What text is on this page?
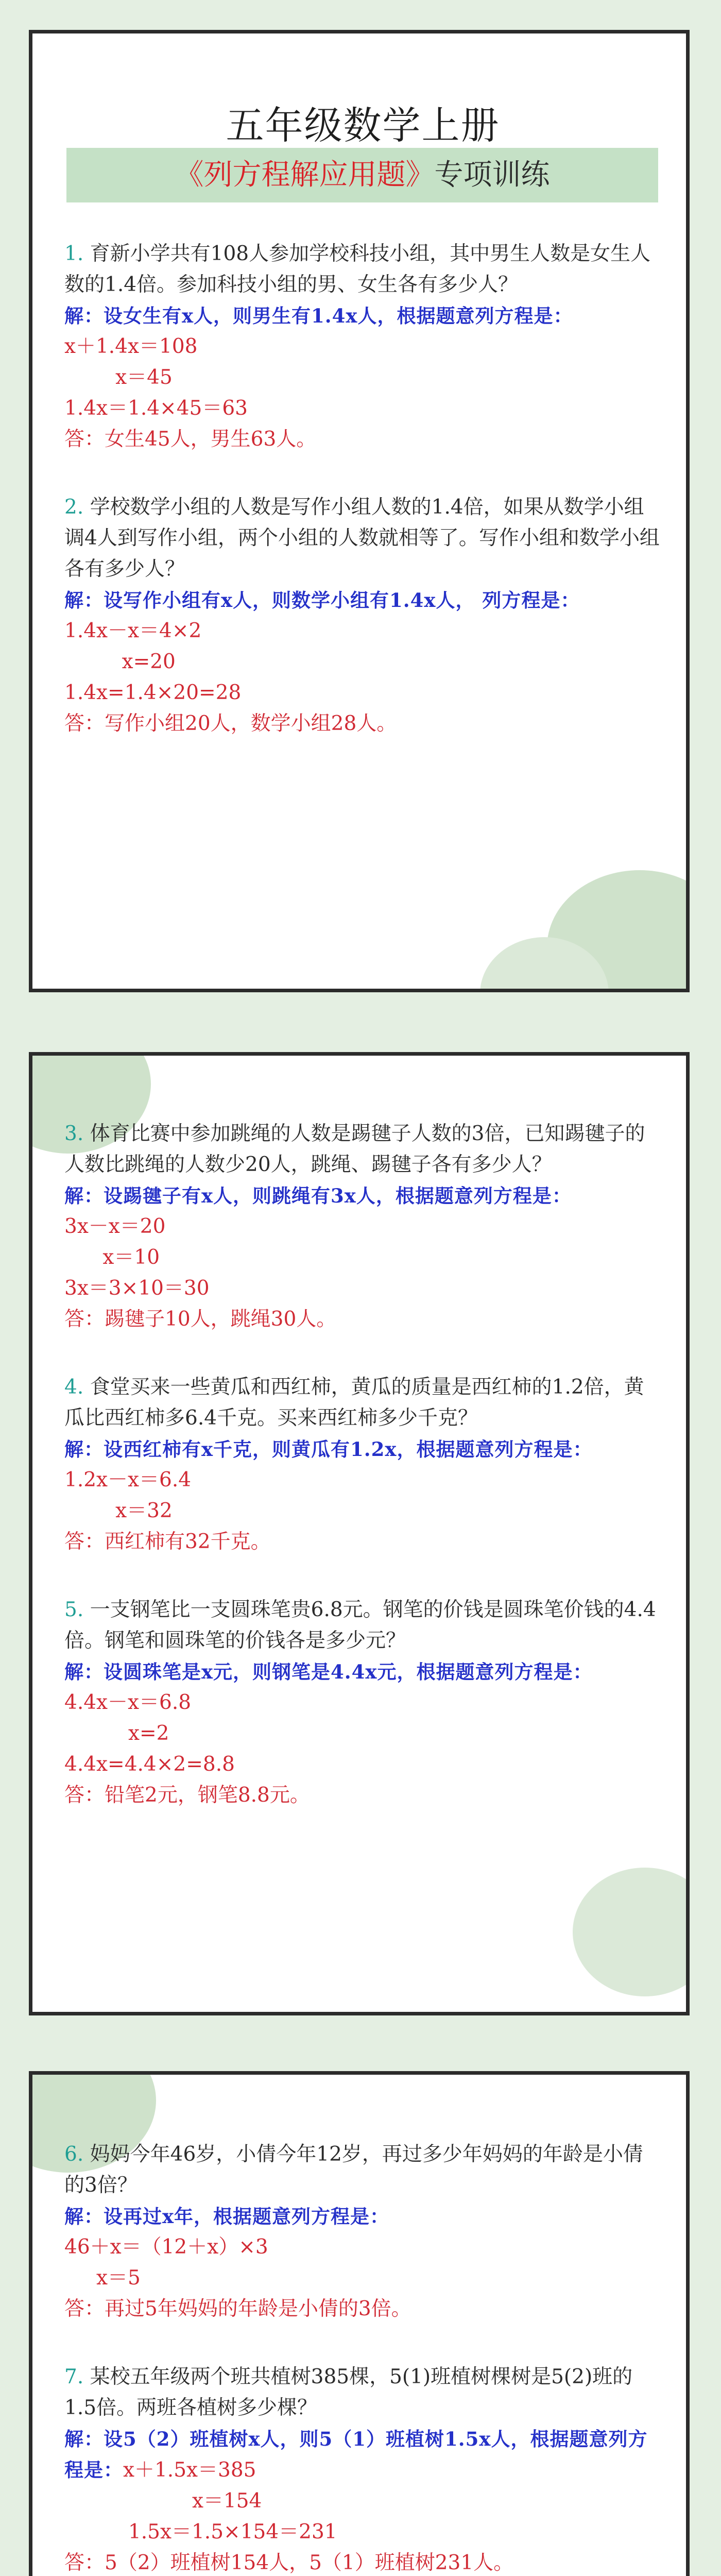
五年级数学上册
《列方程解应用题》专项训练

1. 育新小学共有108人参加学校科技小组，其中男生人数是女生人数的1.4倍。参加科技小组的男、女生各有多少人？

解：设女生有x人，则男生有1.4x人，根据题意列方程是：

x＋1.4x＝108

x＝45

1.4x＝1.4×45＝63

答：女生45人，男生63人。

2. 学校数学小组的人数是写作小组人数的1.4倍，如果从数学小组调4人到写作小组，两个小组的人数就相等了。写作小组和数学小组各有多少人？

解：设写作小组有x人，则数学小组有1.4x人， 列方程是：

1.4x－x＝4×2

x=20

1.4x=1.4×20=28

答：写作小组20人，数学小组28人。

3. 体育比赛中参加跳绳的人数是踢毽子人数的3倍，已知踢毽子的人数比跳绳的人数少20人，跳绳、踢毽子各有多少人？

解：设踢毽子有x人，则跳绳有3x人，根据题意列方程是：

3x－x＝20

x＝10

3x＝3×10＝30

答：踢毽子10人，跳绳30人。

4. 食堂买来一些黄瓜和西红柿，黄瓜的质量是西红柿的1.2倍，黄瓜比西红柿多6.4千克。买来西红柿多少千克？

解：设西红柿有x千克，则黄瓜有1.2x，根据题意列方程是：

1.2x－x＝6.4

x＝32

答：西红柿有32千克。

5. 一支钢笔比一支圆珠笔贵6.8元。钢笔的价钱是圆珠笔价钱的4.4倍。钢笔和圆珠笔的价钱各是多少元？

解：设圆珠笔是x元，则钢笔是4.4x元，根据题意列方程是：

4.4x－x＝6.8

x=2

4.4x=4.4×2=8.8

答：铅笔2元，钢笔8.8元。

6. 妈妈今年46岁，小倩今年12岁，再过多少年妈妈的年龄是小倩的3倍？

解：设再过x年，根据题意列方程是：

46＋x＝（12＋x）×3

x＝5

答：再过5年妈妈的年龄是小倩的3倍。

7. 某校五年级两个班共植树385棵，5(1)班植树棵树是5(2)班的1.5倍。两班各植树多少棵？

解：设5（2）班植树x人，则5（1）班植树1.5x人，根据题意列方程是：x＋1.5x＝385

x＝154

1.5x＝1.5×154＝231

答：5（2）班植树154人，5（1）班植树231人。
